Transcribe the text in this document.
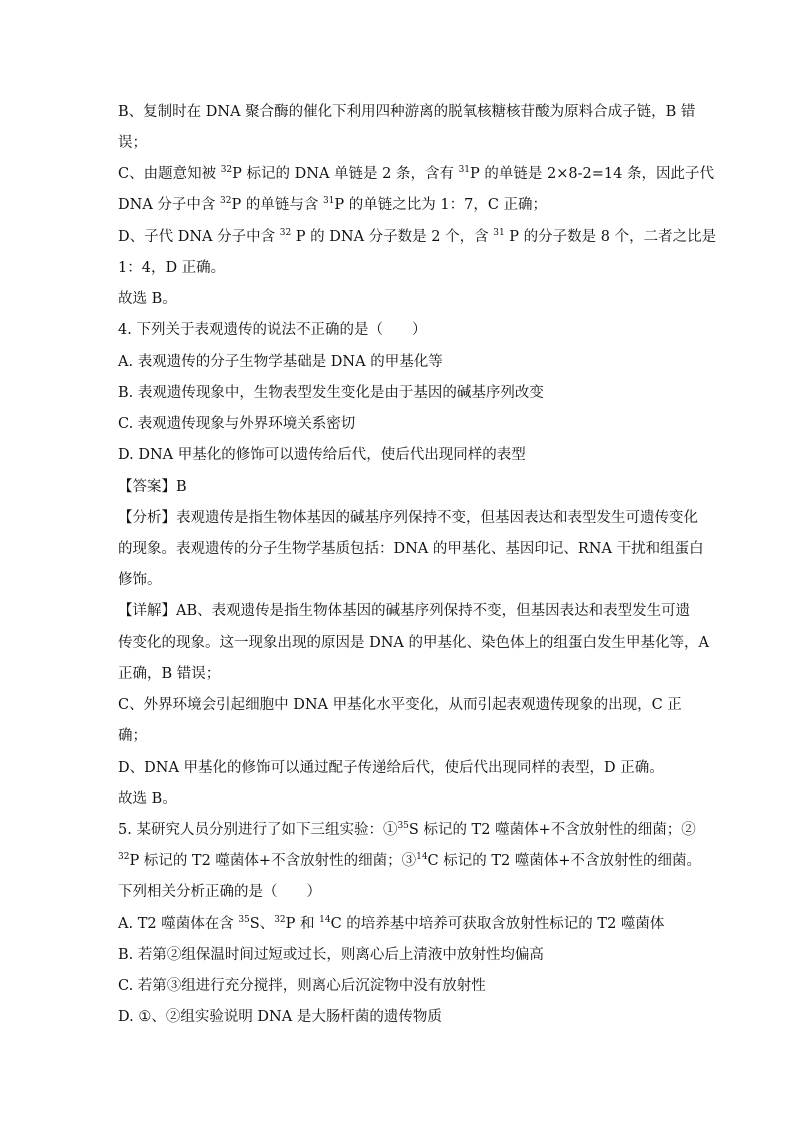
B、复制时在 DNA 聚合酶的催化下利用四种游离的脱氧核糖核苷酸为原料合成子链，B 错

误；

C、由题意知被 $^{32}$P 标记的 DNA 单链是 2 条，含有 $^{31}$P 的单链是 2×8-2=14 条，因此子代

DNA 分子中含 $^{32}$P 的单链与含 $^{31}$P 的单链之比为 1：7，C 正确；

D、子代 DNA 分子中含 $^{32}$ P 的 DNA 分子数是 2 个，含 $^{31}$ P 的分子数是 8 个，二者之比是

1：4，D 正确。

故选 B。

4. 下列关于表观遗传的说法不正确的是（　　）

A. 表观遗传的分子生物学基础是 DNA 的甲基化等

B. 表观遗传现象中，生物表型发生变化是由于基因的碱基序列改变

C. 表观遗传现象与外界环境关系密切

D. DNA 甲基化的修饰可以遗传给后代，使后代出现同样的表型

【答案】B

【分析】表观遗传是指生物体基因的碱基序列保持不变，但基因表达和表型发生可遗传变化

的现象。表观遗传的分子生物学基质包括：DNA 的甲基化、基因印记、RNA 干扰和组蛋白

修饰。

【详解】AB、表观遗传是指生物体基因的碱基序列保持不变，但基因表达和表型发生可遗

传变化的现象。这一现象出现的原因是 DNA 的甲基化、染色体上的组蛋白发生甲基化等，A

正确，B 错误；

C、外界环境会引起细胞中 DNA 甲基化水平变化，从而引起表观遗传现象的出现，C 正

确；

D、DNA 甲基化的修饰可以通过配子传递给后代，使后代出现同样的表型，D 正确。

故选 B。

5. 某研究人员分别进行了如下三组实验：①$^{35}$S 标记的 T2 噬菌体+不含放射性的细菌；②

$^{32}$P 标记的 T2 噬菌体+不含放射性的细菌；③$^{14}$C 标记的 T2 噬菌体+不含放射性的细菌。

下列相关分析正确的是（　　）

A. T2 噬菌体在含 $^{35}$S、$^{32}$P 和 $^{14}$C 的培养基中培养可获取含放射性标记的 T2 噬菌体

B. 若第②组保温时间过短或过长，则离心后上清液中放射性均偏高

C. 若第③组进行充分搅拌，则离心后沉淀物中没有放射性

D. ①、②组实验说明 DNA 是大肠杆菌的遗传物质
